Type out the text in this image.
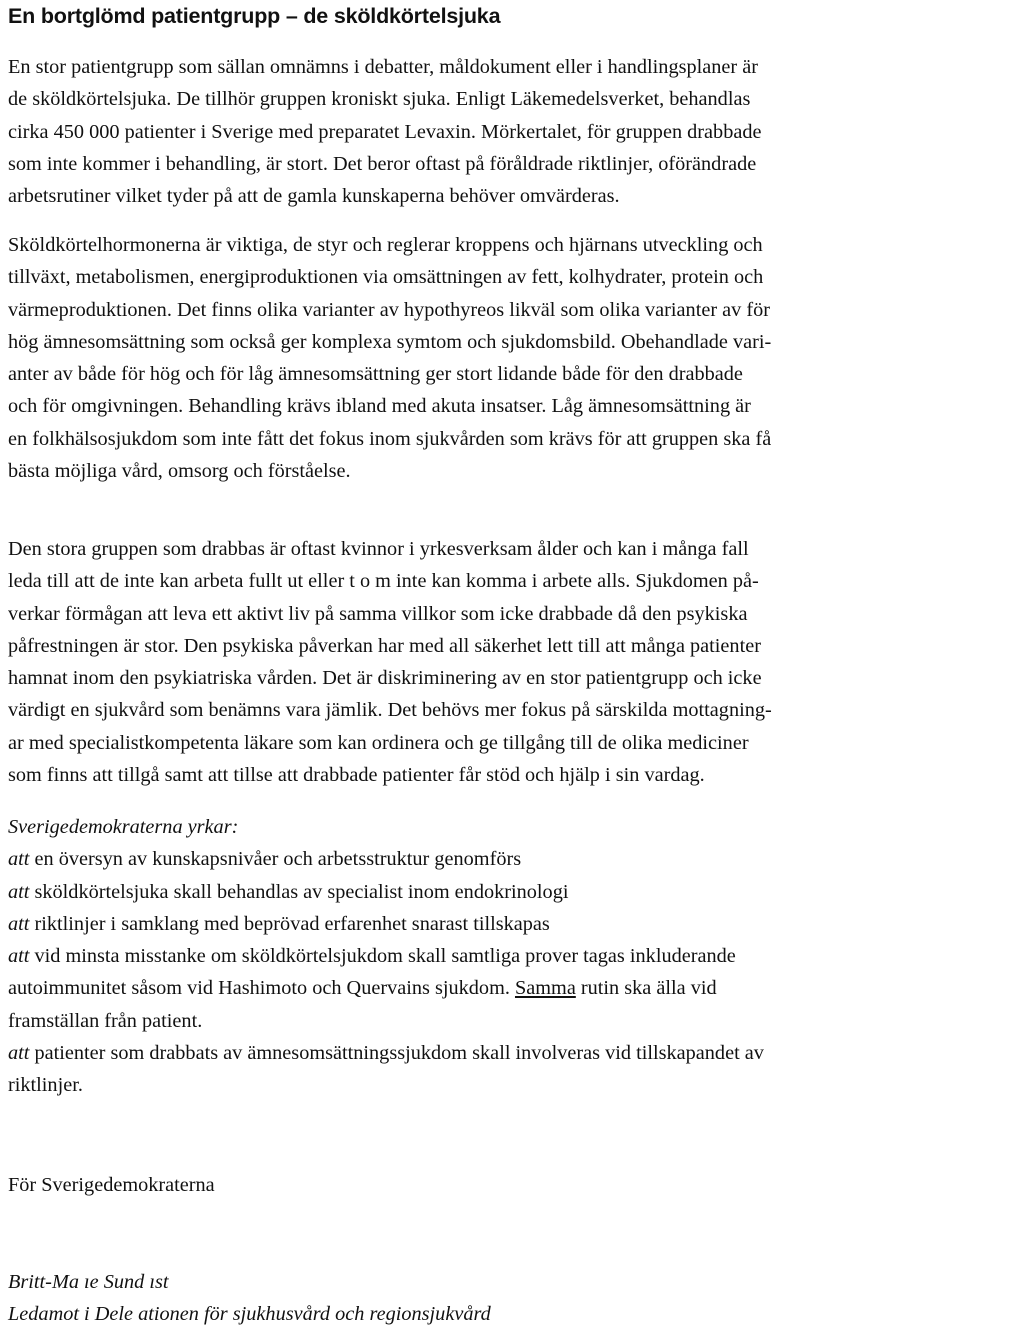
En bortglömd patientgrupp – de sköldkörtelsjuka
En stor patientgrupp som sällan omnämns i debatter, måldokument eller i handlingsplaner är
de sköldkörtelsjuka. De tillhör gruppen kroniskt sjuka. Enligt Läkemedelsverket, behandlas
cirka 450 000 patienter i Sverige med preparatet Levaxin. Mörkertalet, för gruppen drabbade
som inte kommer i behandling, är stort. Det beror oftast på föråldrade riktlinjer, oförändrade
arbetsrutiner vilket tyder på att de gamla kunskaperna behöver omvärderas.
Sköldkörtelhormonerna är viktiga, de styr och reglerar kroppens och hjärnans utveckling och
tillväxt, metabolismen, energiproduktionen via omsättningen av fett, kolhydrater, protein och
värmeproduktionen. Det finns olika varianter av hypothyreos likväl som olika varianter av för
hög ämnesomsättning som också ger komplexa symtom och sjukdomsbild. Obehandlade vari-
anter av både för hög och för låg ämnesomsättning ger stort lidande både för den drabbade
och för omgivningen. Behandling krävs ibland med akuta insatser. Låg ämnesomsättning är
en folkhälsosjukdom som inte fått det fokus inom sjukvården som krävs för att gruppen ska få
bästa möjliga vård, omsorg och förståelse.
Den stora gruppen som drabbas är oftast kvinnor i yrkesverksam ålder och kan i många fall
leda till att de inte kan arbeta fullt ut eller t o m inte kan komma i arbete alls. Sjukdomen på-
verkar förmågan att leva ett aktivt liv på samma villkor som icke drabbade då den psykiska
påfrestningen är stor. Den psykiska påverkan har med all säkerhet lett till att många patienter
hamnat inom den psykiatriska vården. Det är diskriminering av en stor patientgrupp och icke
värdigt en sjukvård som benämns vara jämlik. Det behövs mer fokus på särskilda mottagning-
ar med specialistkompetenta läkare som kan ordinera och ge tillgång till de olika mediciner
som finns att tillgå samt att tillse att drabbade patienter får stöd och hjälp i sin vardag.
Sverigedemokraterna yrkar:
att en översyn av kunskapsnivåer och arbetsstruktur genomförs
att sköldkörtelsjuka skall behandlas av specialist inom endokrinologi
att riktlinjer i samklang med beprövad erfarenhet snarast tillskapas
att vid minsta misstanke om sköldkörtelsjukdom skall samtliga prover tagas inkluderande
autoimmunitet såsom vid Hashimoto och Quervains sjukdom. Samma rutin ska älla vid
framställan från patient.
att patienter som drabbats av ämnesomsättningssjukdom skall involveras vid tillskapandet av
riktlinjer.
För Sverigedemokraterna
Britt-Ma ıe Sund ıst
Ledamot i Dele ationen för sjukhusvård och regionsjukvård
